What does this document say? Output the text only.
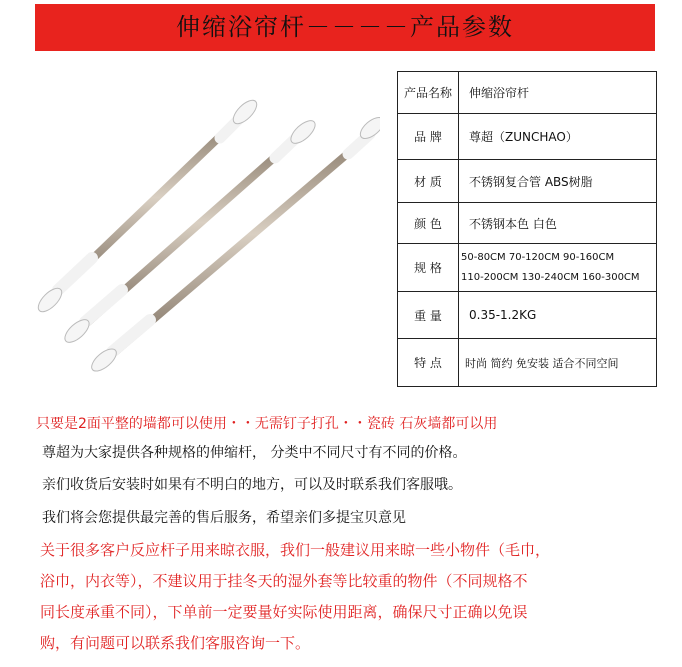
伸缩浴帘杆－－－－产品参数
产品名称	伸缩浴帘杆
品 牌	尊超（ZUNCHAO）
材 质	不锈钢复合管 ABS树脂
颜 色	不锈钢本色 白色
规 格	50-80CM 70-120CM 90-160CM
110-200CM 130-240CM 160-300CM

重 量	0.35-1.2KG
特 点	时尚 简约 免安装 适合不同空间
只要是2面平整的墙都可以使用・・无需钉子打孔・・瓷砖 石灰墙都可以用
尊超为大家提供各种规格的伸缩杆， 分类中不同尺寸有不同的价格。
亲们收货后安装时如果有不明白的地方，可以及时联系我们客服哦。
我们将会您提供最完善的售后服务，希望亲们多提宝贝意见
关于很多客户反应杆子用来晾衣服，我们一般建议用来晾一些小物件（毛巾，
浴巾，内衣等），不建议用于挂冬天的湿外套等比较重的物件（不同规格不
同长度承重不同），下单前一定要量好实际使用距离，确保尺寸正确以免误
购，有问题可以联系我们客服咨询一下。
